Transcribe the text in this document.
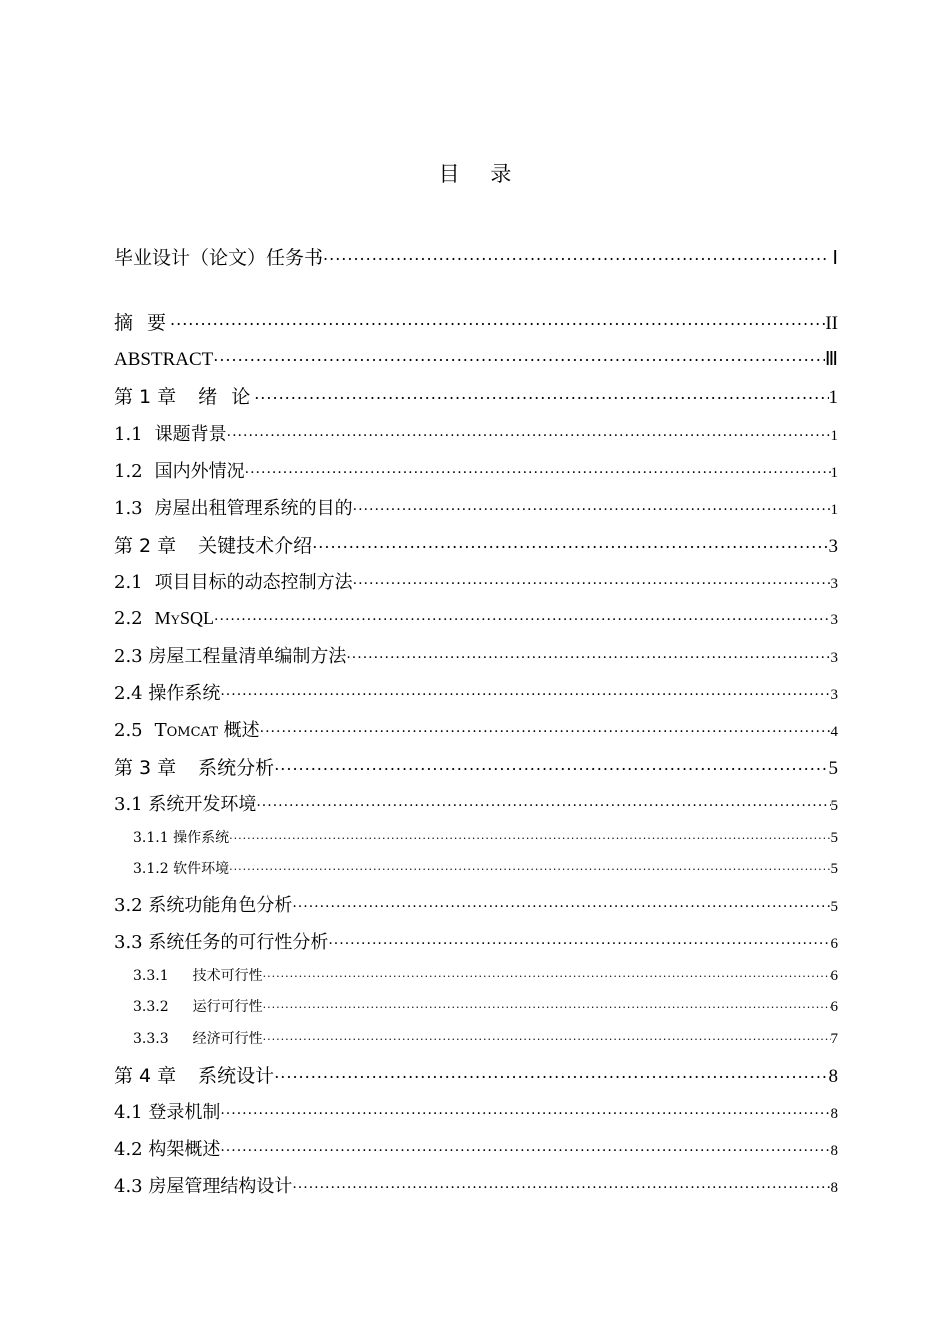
目 录
毕业设计（论文）任务书 .....	Ⅰ
摘 要 .....	II
ABSTRACT .....	Ⅲ
第 1 章 绪 论 .....	1
1.1 课题背景 .....	1
1.2 国内外情况 .....	1
1.3 房屋出租管理系统的目的 .....	1
第 2 章 关键技术介绍 .....	3
2.1 项目目标的动态控制方法 .....	3
2.2 MySQL .....	3
2.3 房屋工程量清单编制方法 .....	3
2.4 操作系统 .....	3
2.5 Tomcat 概述 .....	4
第 3 章 系统分析 .....	5
3.1 系统开发环境 .....	5
3.1.1 操作系统 .....	5
3.1.2 软件环境 .....	5
3.2 系统功能角色分析 .....	5
3.3 系统任务的可行性分析 .....	6
3.3.1 技术可行性 .....	6
3.3.2 运行可行性 .....	6
3.3.3 经济可行性 .....	7
第 4 章 系统设计 .....	8
4.1 登录机制 .....	8
4.2 构架概述 .....	8
4.3 房屋管理结构设计 .....	8
